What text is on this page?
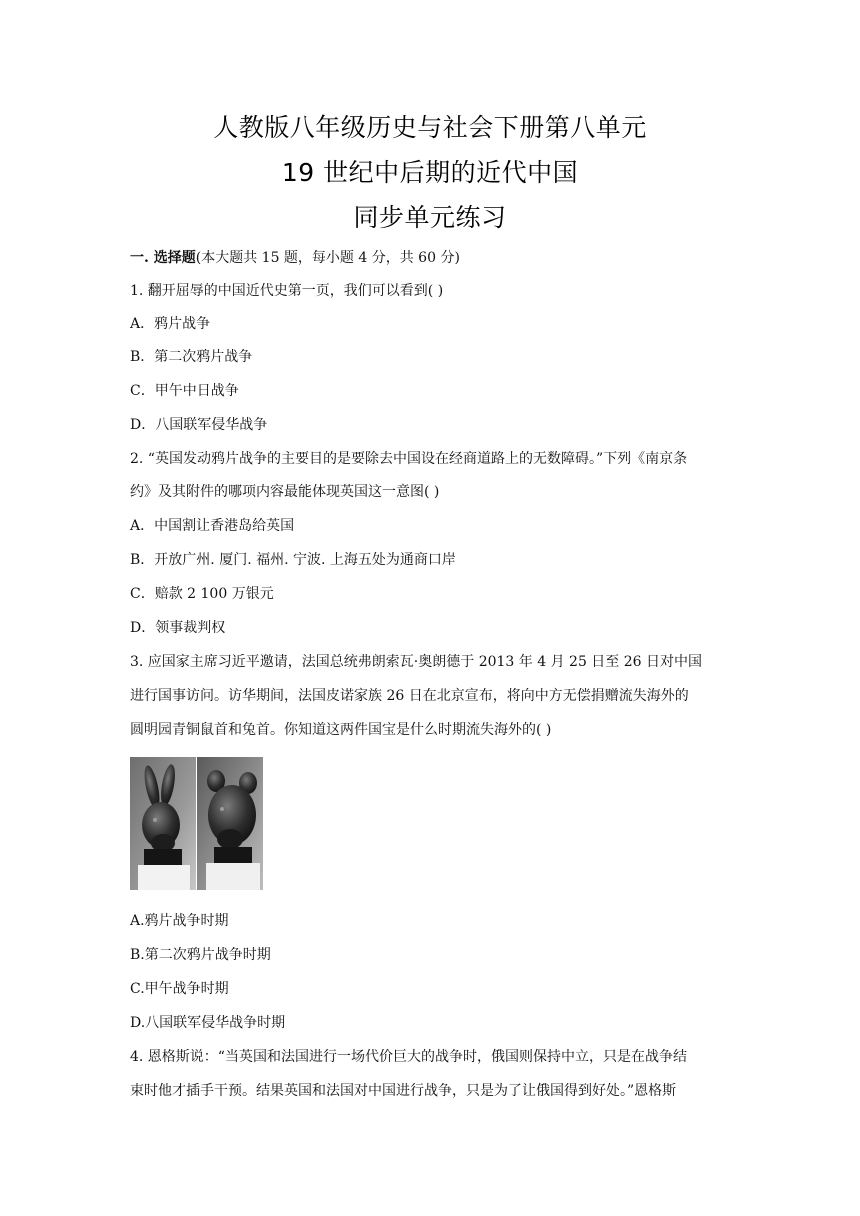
人教版八年级历史与社会下册第八单元
19 世纪中后期的近代中国
同步单元练习
一. 选择题(本大题共 15 题，每小题 4 分，共 60 分)
1. 翻开屈辱的中国近代史第一页，我们可以看到( )
A．鸦片战争
B．第二次鸦片战争
C．甲午中日战争
D．八国联军侵华战争
2. “英国发动鸦片战争的主要目的是要除去中国设在经商道路上的无数障碍。”下列《南京条
约》及其附件的哪项内容最能体现英国这一意图( )
A．中国割让香港岛给英国
B．开放广州. 厦门. 福州. 宁波. 上海五处为通商口岸
C．赔款 2 100 万银元
D．领事裁判权
3. 应国家主席习近平邀请，法国总统弗朗索瓦·奥朗德于 2013 年 4 月 25 日至 26 日对中国
进行国事访问。访华期间，法国皮诺家族 26 日在北京宣布，将向中方无偿捐赠流失海外的
圆明园青铜鼠首和兔首。你知道这两件国宝是什么时期流失海外的( )
A.鸦片战争时期
B.第二次鸦片战争时期
C.甲午战争时期
D.八国联军侵华战争时期
4. 恩格斯说：“当英国和法国进行一场代价巨大的战争时，俄国则保持中立，只是在战争结
束时他才插手干预。结果英国和法国对中国进行战争，只是为了让俄国得到好处。”恩格斯
